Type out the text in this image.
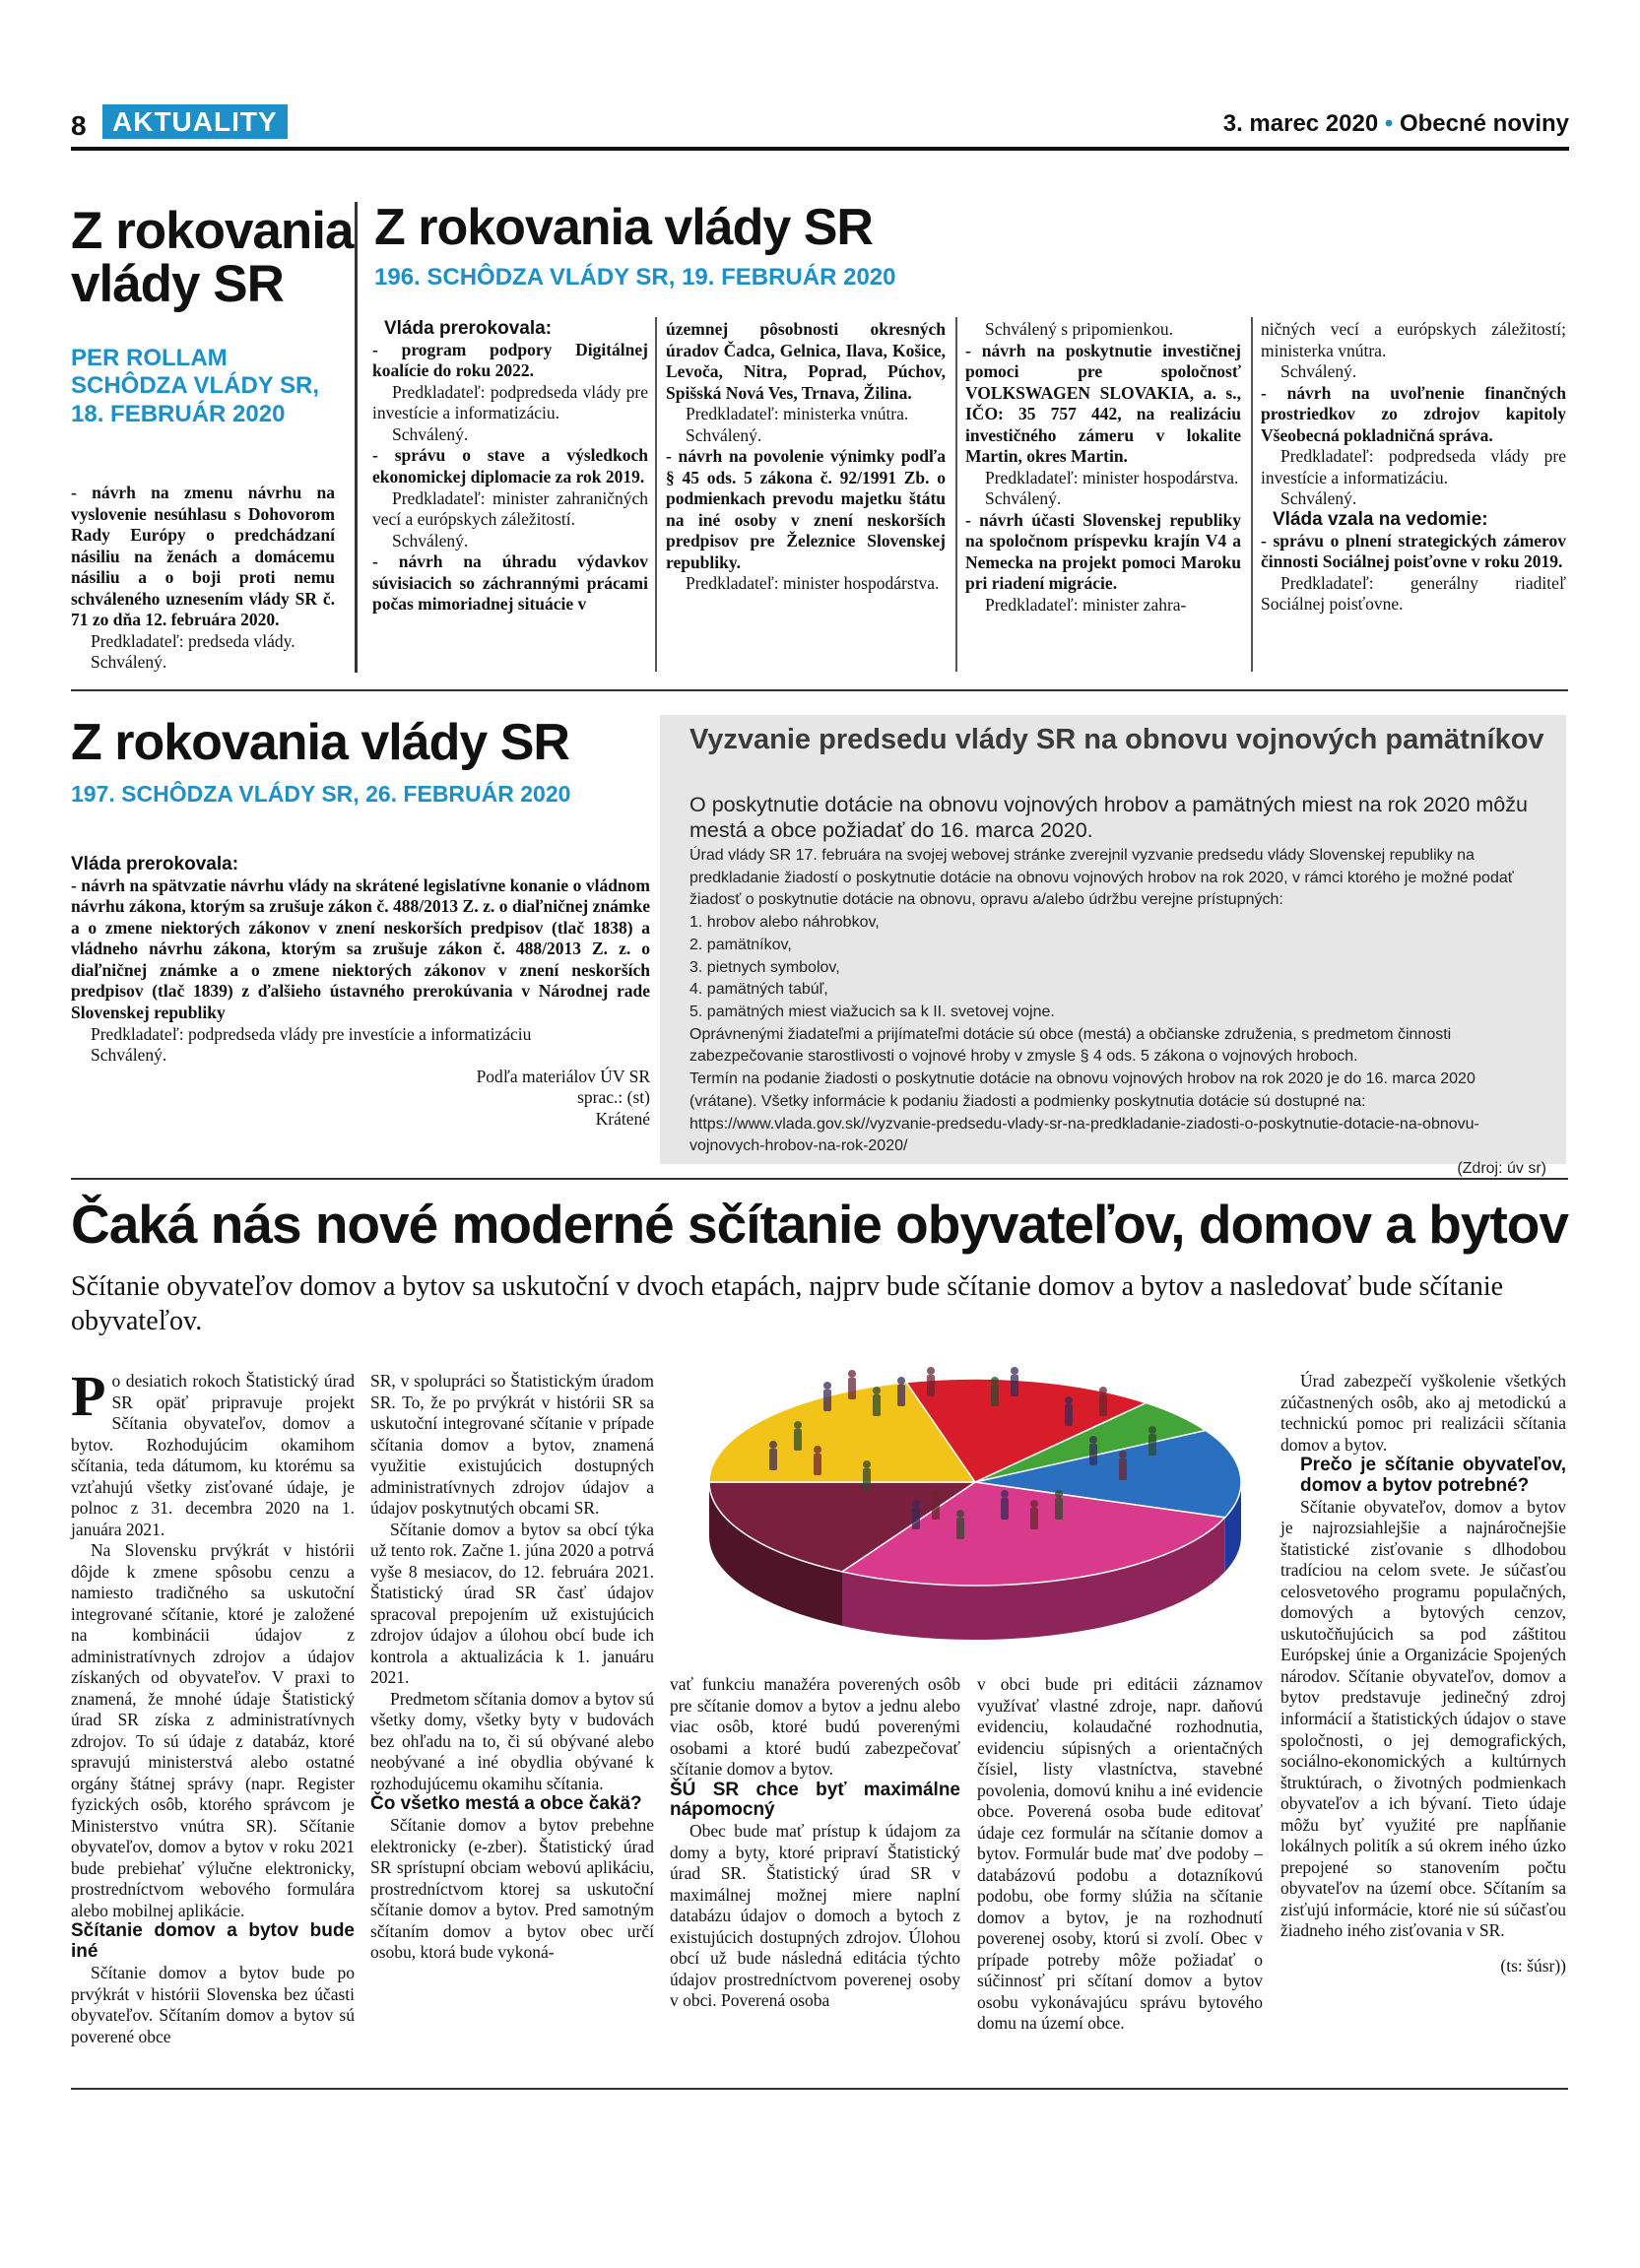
8 AKTUALITY	3. marec 2020 • Obecné noviny
Z rokovania
vlády SR
PER ROLLAM
SCHÔDZA VLÁDY SR,
18. FEBRUÁR 2020

- návrh na zmenu návrhu na vyslovenie nesúhlasu s Dohovorom Rady Európy o predchádzaní násiliu na ženách a domácemu násiliu a o boji proti nemu schváleného uznesením vlády SR č. 71 zo dňa 12. februára 2020.

Predkladateľ: predseda vlády.

Schválený.

Z rokovania vlády SR
196. SCHÔDZA VLÁDY SR, 19. FEBRUÁR 2020

Vláda prerokovala:

- program podpory Digitálnej koalície do roku 2022.

Predkladateľ: podpredseda vlády pre investície a informatizáciu.

Schválený.

- správu o stave a výsledkoch ekonomickej diplomacie za rok 2019.

Predkladateľ: minister zahraničných vecí a európskych záležitostí.

Schválený.

- návrh na úhradu výdavkov súvisiacich so záchrannými prácami počas mimoriadnej situácie v

územnej pôsobnosti okresných úradov Čadca, Gelnica, Ilava, Košice, Levoča, Nitra, Poprad, Púchov, Spišská Nová Ves, Trnava, Žilina.

Predkladateľ: ministerka vnútra.

Schválený.

- návrh na povolenie výnimky podľa § 45 ods. 5 zákona č. 92/1991 Zb. o podmienkach prevodu majetku štátu na iné osoby v znení neskorších predpisov pre Železnice Slovenskej republiky.

Predkladateľ: minister hospodárstva.

Schválený s pripomienkou.

- návrh na poskytnutie investičnej pomoci pre spoločnosť VOLKSWAGEN SLOVAKIA, a. s., IČO: 35 757 442, na realizáciu investičného zámeru v lokalite Martin, okres Martin.

Predkladateľ: minister hospodárstva.

Schválený.

- návrh účasti Slovenskej republiky na spoločnom príspevku krajín V4 a Nemecka na projekt pomoci Maroku pri riadení migrácie.

Predkladateľ: minister zahra-

ničných vecí a európskych záležitostí; ministerka vnútra.

Schválený.

- návrh na uvoľnenie finančných prostriedkov zo zdrojov kapitoly Všeobecná pokladničná správa.

Predkladateľ: podpredseda vlády pre investície a informatizáciu.

Schválený.

Vláda vzala na vedomie:

- správu o plnení strategických zámerov činnosti Sociálnej poisťovne v roku 2019.

Predkladateľ: generálny riaditeľ Sociálnej poisťovne.

Z rokovania vlády SR
197. SCHÔDZA VLÁDY SR, 26. FEBRUÁR 2020

Vláda prerokovala:

- návrh na spätvzatie návrhu vlády na skrátené legislatívne konanie o vládnom návrhu zákona, ktorým sa zrušuje zákon č. 488/2013 Z. z. o diaľničnej známke a o zmene niektorých zákonov v znení neskorších predpisov (tlač 1838) a vládneho návrhu zákona, ktorým sa zrušuje zákon č. 488/2013 Z. z. o diaľničnej známke a o zmene niektorých zákonov v znení neskorších predpisov (tlač 1839) z ďalšieho ústavného prerokúvania v Národnej rade Slovenskej republiky

Predkladateľ: podpredseda vlády pre investície a informatizáciu

Schválený.

Podľa materiálov ÚV SR

sprac.: (st)

Krátené

Vyzvanie predsedu vlády SR na obnovu vojnových pamätníkov
O poskytnutie dotácie na obnovu vojnových hrobov a pamätných miest na rok 2020 môžu mestá a obce požiadať do 16. marca 2020.

Úrad vlády SR 17. februára na svojej webovej stránke zverejnil vyzvanie predsedu vlády Slovenskej republiky na predkladanie žiadostí o poskytnutie dotácie na obnovu vojnových hrobov na rok 2020, v rámci ktorého je možné podať žiadosť o poskytnutie dotácie na obnovu, opravu a/alebo údržbu verejne prístupných:

1. hrobov alebo náhrobkov,

2. pamätníkov,

3. pietnych symbolov,

4. pamätných tabúľ,

5. pamätných miest viažucich sa k II. svetovej vojne.

Oprávnenými žiadateľmi a prijímateľmi dotácie sú obce (mestá) a občianske združenia, s predmetom činnosti zabezpečovanie starostlivosti o vojnové hroby v zmysle § 4 ods. 5 zákona o vojnových hroboch.

Termín na podanie žiadosti o poskytnutie dotácie na obnovu vojnových hrobov na rok 2020 je do 16. marca 2020 (vrátane). Všetky informácie k podaniu žiadosti a podmienky poskytnutia dotácie sú dostupné na: https://www.vlada.gov.sk//vyzvanie-predsedu-vlady-sr-na-predkladanie-ziadosti-o-poskytnutie-dotacie-na-obnovu-vojnovych-hrobov-na-rok-2020/

(Zdroj: úv sr)

Čaká nás nové moderné sčítanie obyvateľov, domov a bytov
Sčítanie obyvateľov domov a bytov sa uskutoční v dvoch etapách, najprv bude sčítanie domov a bytov a nasledovať bude sčítanie obyvateľov.

Po desiatich rokoch Štatistický úrad SR opäť pripravuje projekt Sčítania obyvateľov, domov a bytov. Rozhodujúcim okamihom sčítania, teda dátumom, ku ktorému sa vzťahujú všetky zisťované údaje, je polnoc z 31. decembra 2020 na 1. januára 2021.

Na Slovensku prvýkrát v histórii dôjde k zmene spôsobu cenzu a namiesto tradičného sa uskutoční integrované sčítanie, ktoré je založené na kombinácii údajov z administratívnych zdrojov a údajov získaných od obyvateľov. V praxi to znamená, že mnohé údaje Štatistický úrad SR získa z administratívnych zdrojov. To sú údaje z databáz, ktoré spravujú ministerstvá alebo ostatné orgány štátnej správy (napr. Register fyzických osôb, ktorého správcom je Ministerstvo vnútra SR). Sčítanie obyvateľov, domov a bytov v roku 2021 bude prebiehať výlučne elektronicky, prostredníctvom webového formulára alebo mobilnej aplikácie.

Sčítanie domov a bytov bude iné

Sčítanie domov a bytov bude po prvýkrát v histórii Slovenska bez účasti obyvateľov. Sčítaním domov a bytov sú poverené obce

SR, v spolupráci so Štatistickým úradom SR. To, že po prvýkrát v histórii SR sa uskutoční integrované sčítanie v prípade sčítania domov a bytov, znamená využitie existujúcich dostupných administratívnych zdrojov údajov a údajov poskytnutých obcami SR.

Sčítanie domov a bytov sa obcí týka už tento rok. Začne 1. júna 2020 a potrvá vyše 8 mesiacov, do 12. februára 2021. Štatistický úrad SR časť údajov spracoval prepojením už existujúcich zdrojov údajov a úlohou obcí bude ich kontrola a aktualizácia k 1. januáru 2021.

Predmetom sčítania domov a bytov sú všetky domy, všetky byty v budovách bez ohľadu na to, či sú obývané alebo neobývané a iné obydlia obývané k rozhodujúcemu okamihu sčítania.

Čo všetko mestá a obce čakä?

Sčítanie domov a bytov prebehne elektronicky (e-zber). Štatistický úrad SR sprístupní obciam webovú aplikáciu, prostredníctvom ktorej sa uskutoční sčítanie domov a bytov. Pred samotným sčítaním domov a bytov obec určí osobu, ktorá bude vykoná-

vať funkciu manažéra poverených osôb pre sčítanie domov a bytov a jednu alebo viac osôb, ktoré budú poverenými osobami a ktoré budú zabezpečovať sčítanie domov a bytov.

ŠÚ SR chce byť maximálne nápomocný

Obec bude mať prístup k údajom za domy a byty, ktoré pripraví Štatistický úrad SR. Štatistický úrad SR v maximálnej možnej miere naplní databázu údajov o domoch a bytoch z existujúcich dostupných zdrojov. Úlohou obcí už bude následná editácia týchto údajov prostredníctvom poverenej osoby v obci. Poverená osoba

v obci bude pri editácii záznamov využívať vlastné zdroje, napr. daňovú evidenciu, kolaudačné rozhodnutia, evidenciu súpisných a orientačných čísiel, listy vlastníctva, stavebné povolenia, domovú knihu a iné evidencie obce. Poverená osoba bude editovať údaje cez formulár na sčítanie domov a bytov. Formulár bude mať dve podoby – databázovú podobu a dotazníkovú podobu, obe formy slúžia na sčítanie domov a bytov, je na rozhodnutí poverenej osoby, ktorú si zvolí. Obec v prípade potreby môže požiadať o súčinnosť pri sčítaní domov a bytov osobu vykonávajúcu správu bytového domu na území obce.

Úrad zabezpečí vyškolenie všetkých zúčastnených osôb, ako aj metodickú a technickú pomoc pri realizácii sčítania domov a bytov.

Prečo je sčítanie obyvateľov, domov a bytov potrebné?

Sčítanie obyvateľov, domov a bytov je najrozsiahlejšie a najnáročnejšie štatistické zisťovanie s dlhodobou tradíciou na celom svete. Je súčasťou celosvetového programu populačných, domových a bytových cenzov, uskutočňujúcich sa pod záštitou Európskej únie a Organizácie Spojených národov. Sčítanie obyvateľov, domov a bytov predstavuje jedinečný zdroj informácií a štatistických údajov o stave spoločnosti, o jej demografických, sociálno-ekonomických a kultúrnych štruktúrach, o životných podmienkach obyvateľov a ich bývaní. Tieto údaje môžu byť využité pre napĺňanie lokálnych politík a sú okrem iného úzko prepojené so stanovením počtu obyvateľov na území obce. Sčítaním sa zisťujú informácie, ktoré nie sú súčasťou žiadneho iného zisťovania v SR.

(ts: šúsr))
